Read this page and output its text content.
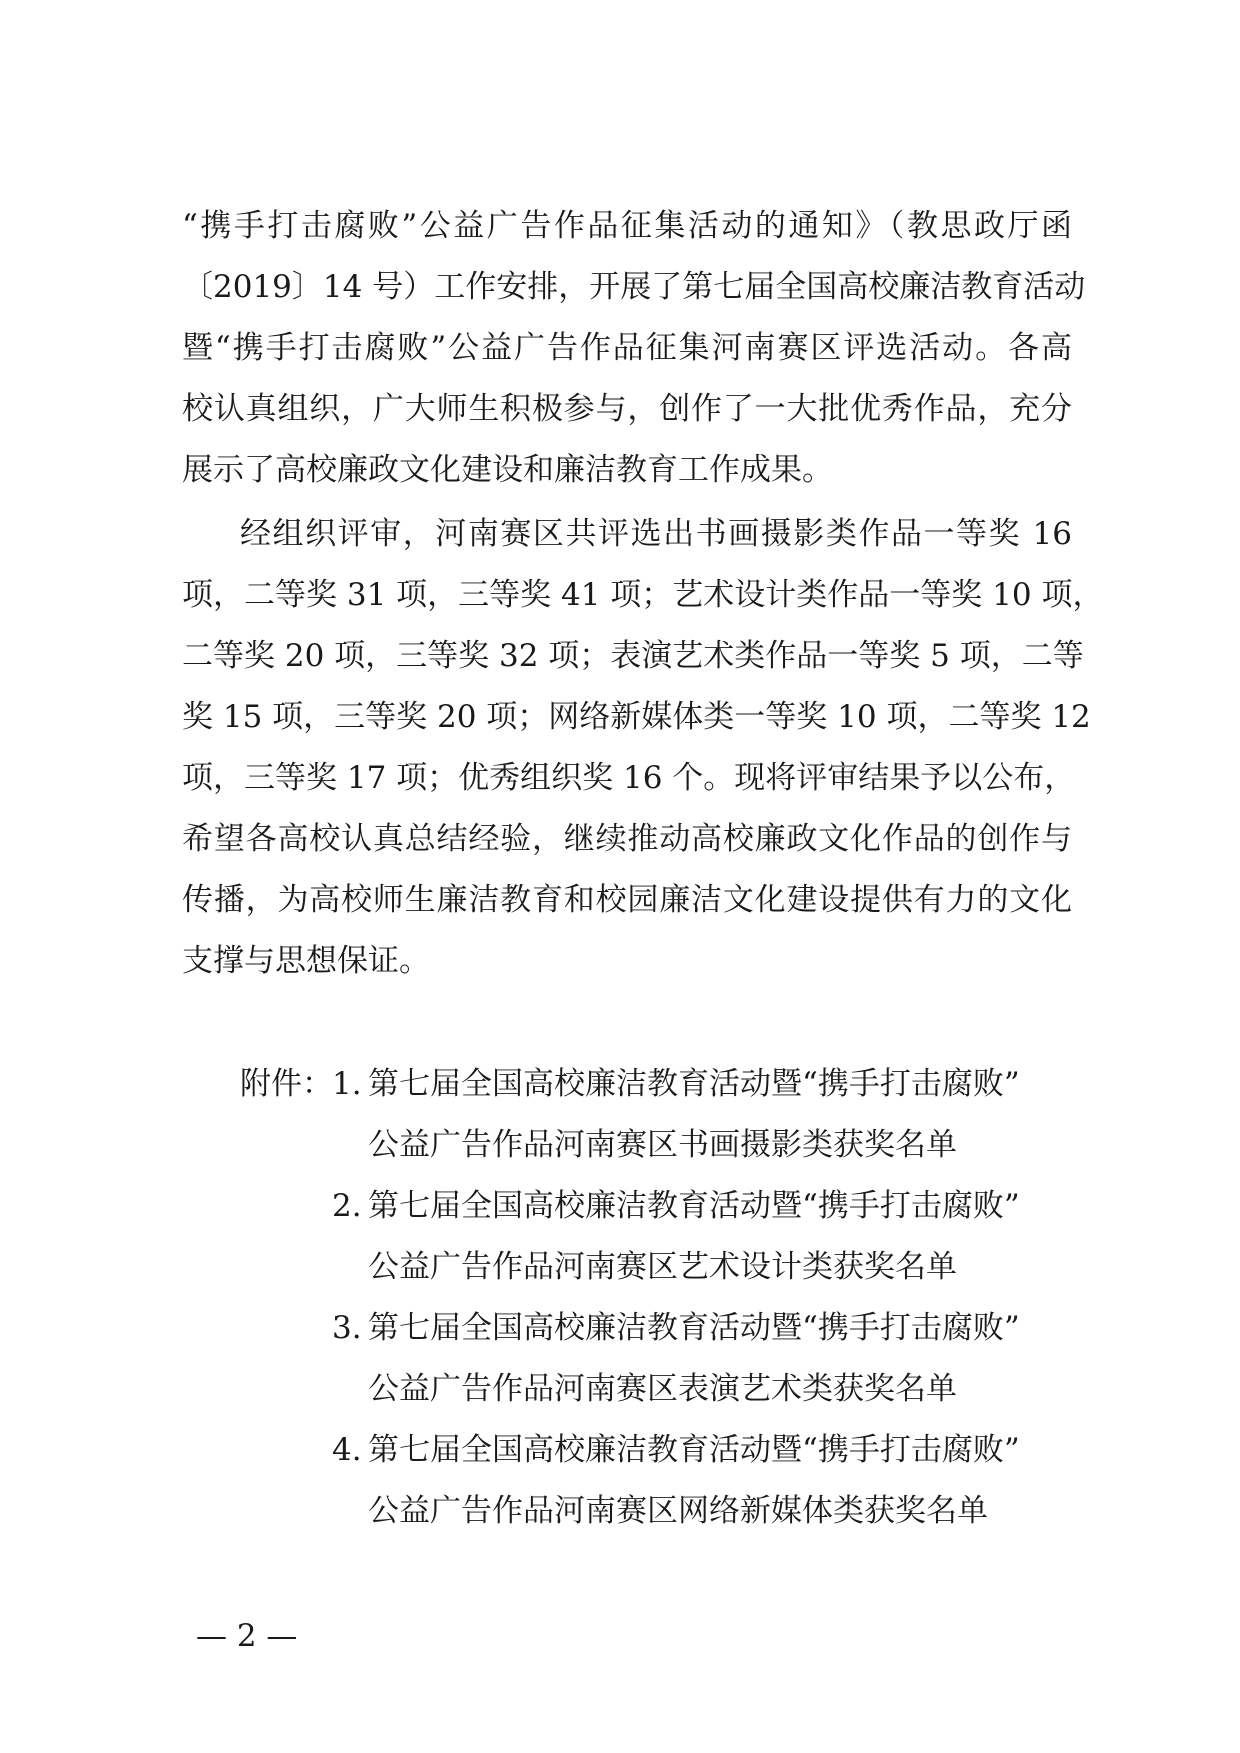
“携手打击腐败”公益广告作品征集活动的通知》（教思政厅函
〔2019〕14 号）工作安排，开展了第七届全国高校廉洁教育活动
暨“携手打击腐败”公益广告作品征集河南赛区评选活动。各高
校认真组织，广大师生积极参与，创作了一大批优秀作品，充分
展示了高校廉政文化建设和廉洁教育工作成果。
经组织评审，河南赛区共评选出书画摄影类作品一等奖 16
项，二等奖 31 项，三等奖 41 项；艺术设计类作品一等奖 10 项，
二等奖 20 项，三等奖 32 项；表演艺术类作品一等奖 5 项，二等
奖 15 项，三等奖 20 项；网络新媒体类一等奖 10 项，二等奖 12
项，三等奖 17 项；优秀组织奖 16 个。现将评审结果予以公布，
希望各高校认真总结经验，继续推动高校廉政文化作品的创作与
传播，为高校师生廉洁教育和校园廉洁文化建设提供有力的文化
支撑与思想保证。
附件： 1. 第七届全国高校廉洁教育活动暨“携手打击腐败”
公益广告作品河南赛区书画摄影类获奖名单
2. 第七届全国高校廉洁教育活动暨“携手打击腐败”
公益广告作品河南赛区艺术设计类获奖名单
3. 第七届全国高校廉洁教育活动暨“携手打击腐败”
公益广告作品河南赛区表演艺术类获奖名单
4. 第七届全国高校廉洁教育活动暨“携手打击腐败”
公益广告作品河南赛区网络新媒体类获奖名单
— 2 —
